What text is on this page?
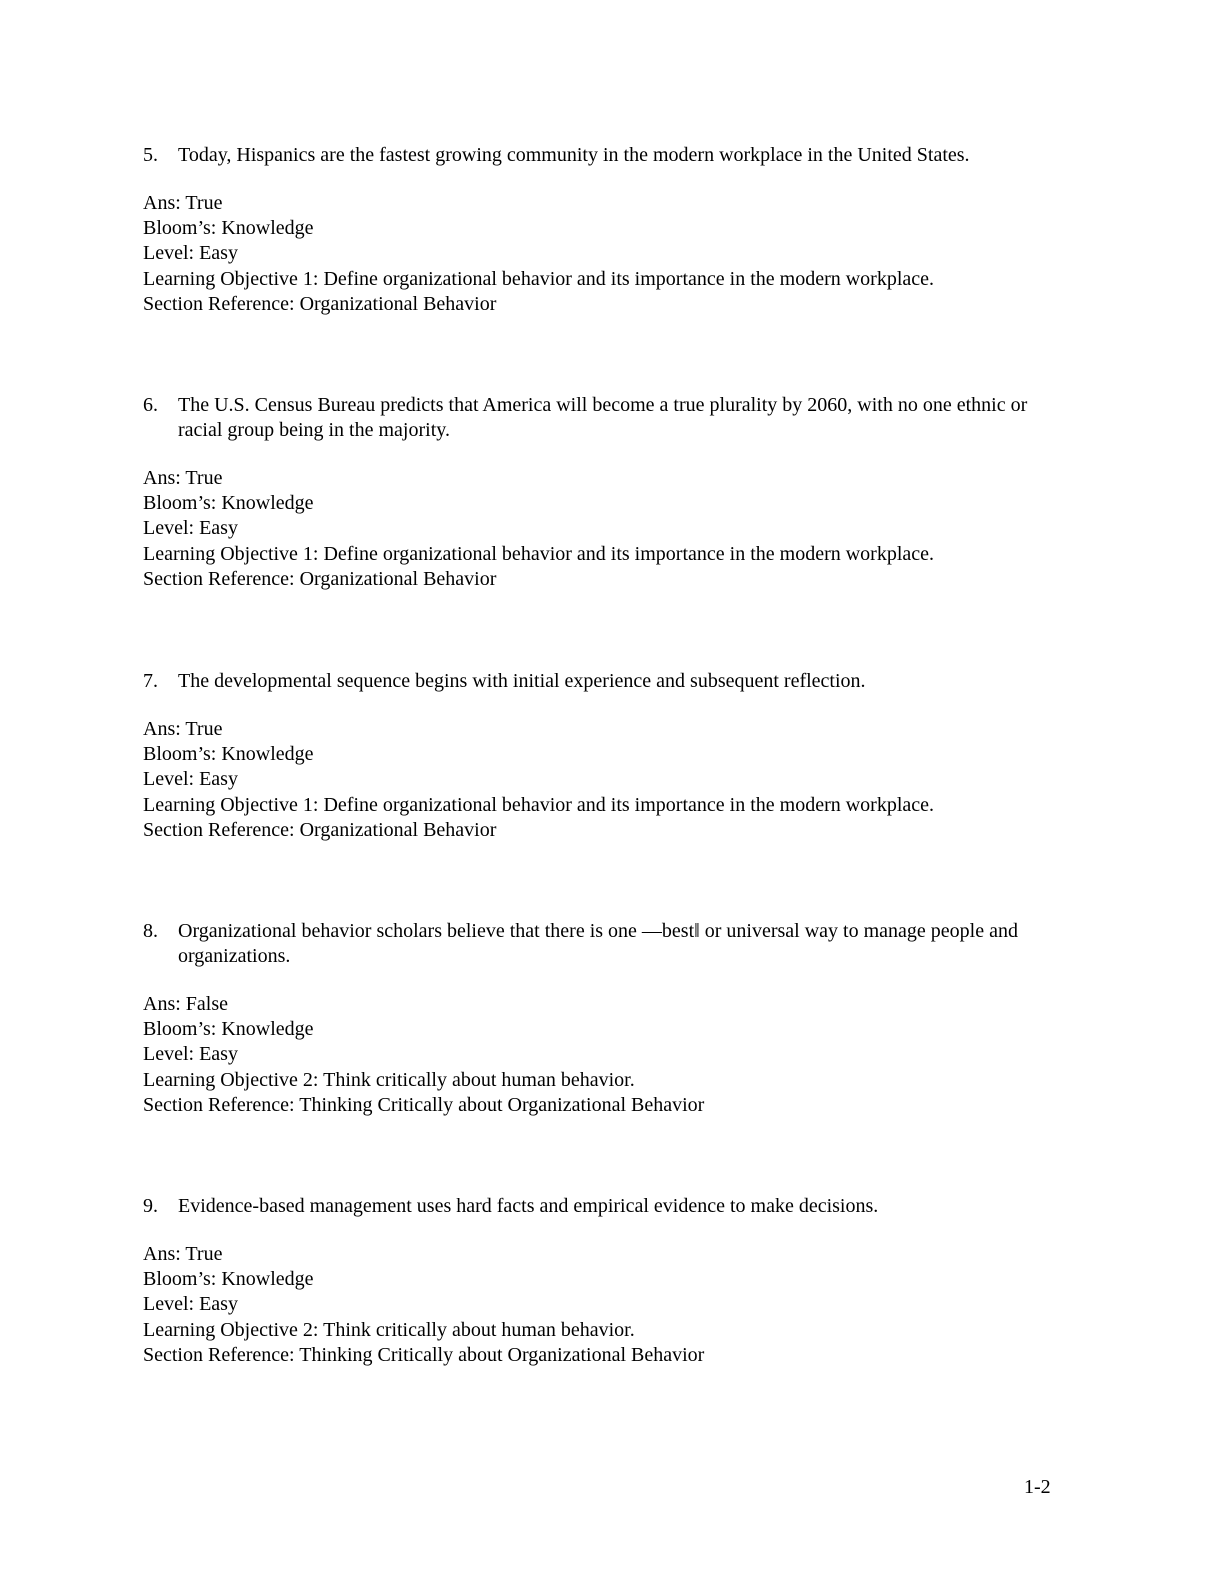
5. Today, Hispanics are the fastest growing community in the modern workplace in the United States.
Ans: True
Bloom’s: Knowledge
Level: Easy
Learning Objective 1: Define organizational behavior and its importance in the modern workplace.
Section Reference: Organizational Behavior
6. The U.S. Census Bureau predicts that America will become a true plurality by 2060, with no one ethnic or racial group being in the majority.
Ans: True
Bloom’s: Knowledge
Level: Easy
Learning Objective 1: Define organizational behavior and its importance in the modern workplace.
Section Reference: Organizational Behavior
7. The developmental sequence begins with initial experience and subsequent reflection.
Ans: True
Bloom’s: Knowledge
Level: Easy
Learning Objective 1: Define organizational behavior and its importance in the modern workplace.
Section Reference: Organizational Behavior
8. Organizational behavior scholars believe that there is one ―best‖ or universal way to manage people and organizations.
Ans: False
Bloom’s: Knowledge
Level: Easy
Learning Objective 2: Think critically about human behavior.
Section Reference: Thinking Critically about Organizational Behavior
9. Evidence-based management uses hard facts and empirical evidence to make decisions.
Ans: True
Bloom’s: Knowledge
Level: Easy
Learning Objective 2: Think critically about human behavior.
Section Reference: Thinking Critically about Organizational Behavior
1-2
